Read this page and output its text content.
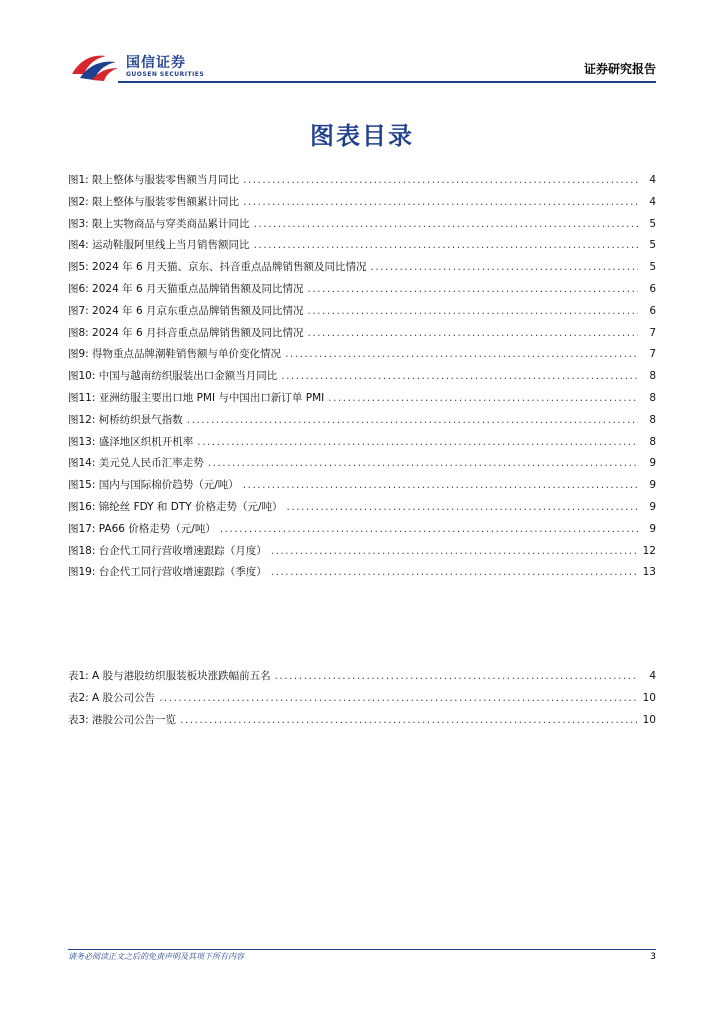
国信证券
GUOSEN SECURITIES	证券研究报告
图表目录
图1: 限上整体与服装零售额当月同比 .....	4
图2: 限上整体与服装零售额累计同比 .....	4
图3: 限上实物商品与穿类商品累计同比 .....	5
图4: 运动鞋服阿里线上当月销售额同比 .....	5
图5: 2024 年 6 月天猫、京东、抖音重点品牌销售额及同比情况 .....	5
图6: 2024 年 6 月天猫重点品牌销售额及同比情况 .....	6
图7: 2024 年 6 月京东重点品牌销售额及同比情况 .....	6
图8: 2024 年 6 月抖音重点品牌销售额及同比情况 .....	7
图9: 得物重点品牌潮鞋销售额与单价变化情况 .....	7
图10: 中国与越南纺织服装出口金额当月同比 .....	8
图11: 亚洲纺服主要出口地 PMI 与中国出口新订单 PMI .....	8
图12: 柯桥纺织景气指数 .....	8
图13: 盛泽地区织机开机率 .....	8
图14: 美元兑人民币汇率走势 .....	9
图15: 国内与国际棉价趋势（元/吨） .....	9
图16: 锦纶丝 FDY 和 DTY 价格走势（元/吨） .....	9
图17: PA66 价格走势（元/吨） .....	9
图18: 台企代工同行营收增速跟踪（月度） .....	12
图19: 台企代工同行营收增速跟踪（季度） .....	13
表1: A 股与港股纺织服装板块涨跌幅前五名 .....	4
表2: A 股公司公告 .....	10
表3: 港股公司公告一览 .....	10
请务必阅读正文之后的免责声明及其项下所有内容	3
